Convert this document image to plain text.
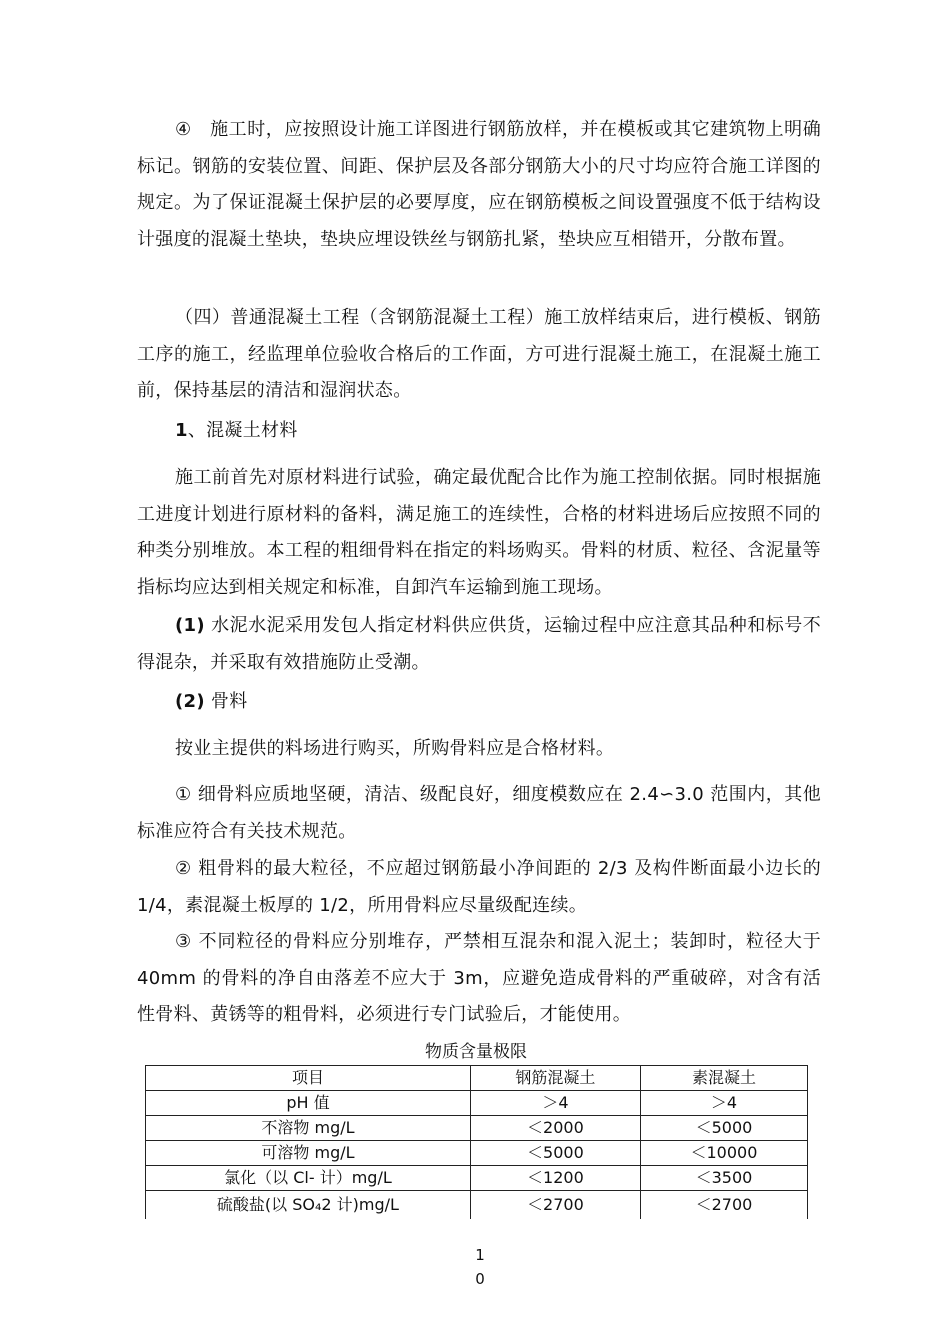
④　施工时，应按照设计施工详图进行钢筋放样，并在模板或其它建筑物上明确标记。钢筋的安装位置、间距、保护层及各部分钢筋大小的尺寸均应符合施工详图的规定。为了保证混凝土保护层的必要厚度，应在钢筋模板之间设置强度不低于结构设计强度的混凝土垫块，垫块应埋设铁丝与钢筋扎紧，垫块应互相错开，分散布置。

（四）普通混凝土工程（含钢筋混凝土工程）施工放样结束后，进行模板、钢筋工序的施工，经监理单位验收合格后的工作面，方可进行混凝土施工，在混凝土施工前，保持基层的清洁和湿润状态。

1、混凝土材料

施工前首先对原材料进行试验，确定最优配合比作为施工控制依据。同时根据施工进度计划进行原材料的备料，满足施工的连续性，合格的材料进场后应按照不同的种类分别堆放。本工程的粗细骨料在指定的料场购买。骨料的材质、粒径、含泥量等指标均应达到相关规定和标准，自卸汽车运输到施工现场。

(1) 水泥水泥采用发包人指定材料供应供货，运输过程中应注意其品种和标号不得混杂，并采取有效措施防止受潮。

(2) 骨料

按业主提供的料场进行购买，所购骨料应是合格材料。

① 细骨料应质地坚硬，清洁、级配良好，细度模数应在 2.4∽3.0 范围内，其他标准应符合有关技术规范。

② 粗骨料的最大粒径，不应超过钢筋最小净间距的 2/3 及构件断面最小边长的 1/4，素混凝土板厚的 1/2，所用骨料应尽量级配连续。

③ 不同粒径的骨料应分别堆存，严禁相互混杂和混入泥土；装卸时，粒径大于 40mm 的骨料的净自由落差不应大于 3m，应避免造成骨料的严重破碎，对含有活性骨料、黄锈等的粗骨料，必须进行专门试验后，才能使用。

物质含量极限
项目	钢筋混凝土	素混凝土
pH 值	＞4	＞4
不溶物 mg/L	＜2000	＜5000
可溶物 mg/L	＜5000	＜10000
氯化（以 Cl- 计）mg/L	＜1200	＜3500
硫酸盐(以 SO₄2 计)mg/L	＜2700	＜2700
1
0
